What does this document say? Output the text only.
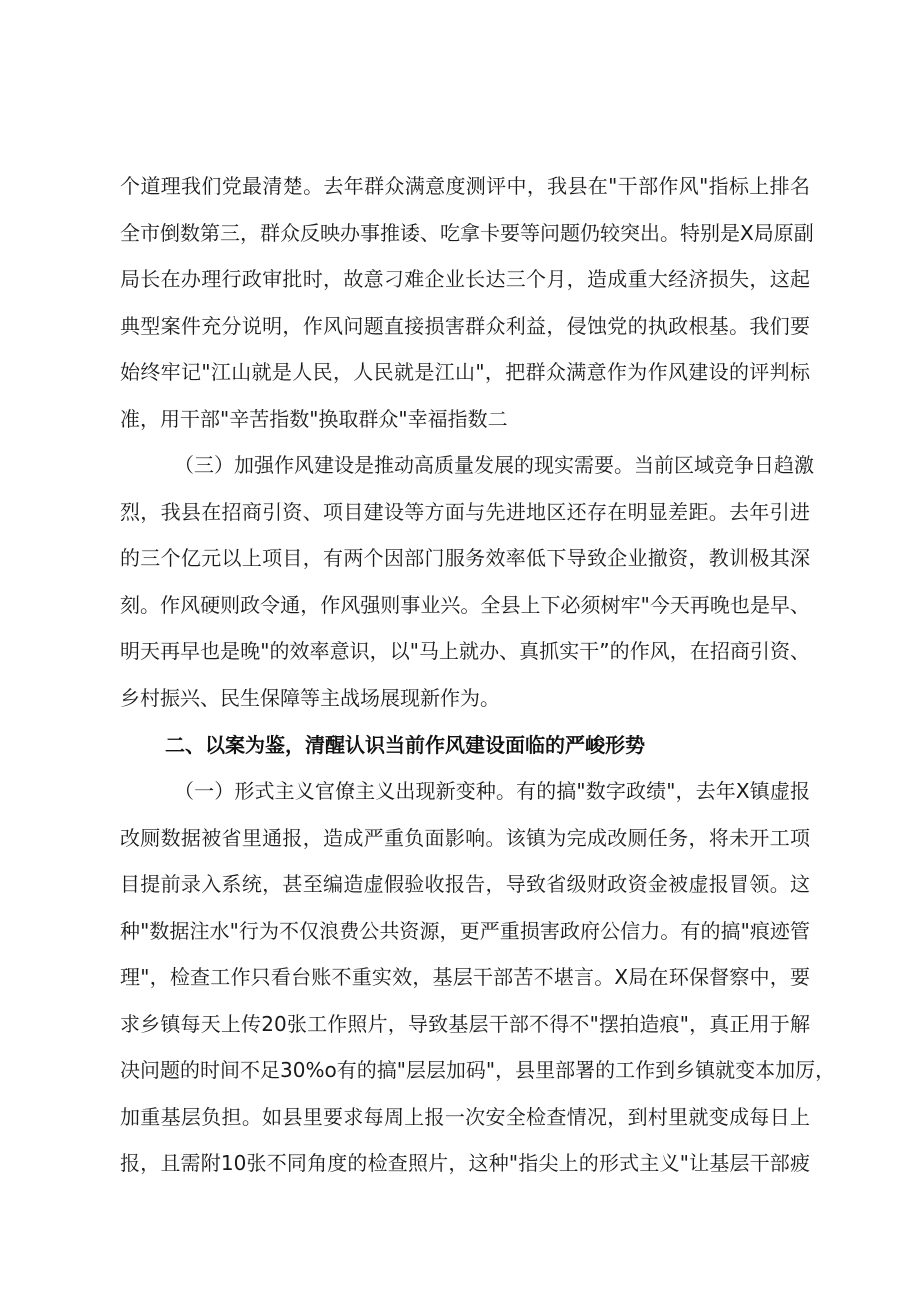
个道理我们党最清楚。去年群众满意度测评中，我县在"干部作风"指标上排名
全市倒数第三，群众反映办事推诿、吃拿卡要等问题仍较突出。特别是X局原副
局长在办理行政审批时，故意刁难企业长达三个月，造成重大经济损失，这起
典型案件充分说明，作风问题直接损害群众利益，侵蚀党的执政根基。我们要
始终牢记"江山就是人民，人民就是江山"，把群众满意作为作风建设的评判标
准，用干部"辛苦指数"换取群众"幸福指数二
（三）加强作风建设是推动高质量发展的现实需要。当前区域竞争日趋激
烈，我县在招商引资、项目建设等方面与先进地区还存在明显差距。去年引进
的三个亿元以上项目，有两个因部门服务效率低下导致企业撤资，教训极其深
刻。作风硬则政令通，作风强则事业兴。全县上下必须树牢"今天再晚也是早、
明天再早也是晚"的效率意识，以"马上就办、真抓实干”的作风，在招商引资、
乡村振兴、民生保障等主战场展现新作为。
二、以案为鉴，清醒认识当前作风建设面临的严峻形势
（一）形式主义官僚主义出现新变种。有的搞"数字政绩"，去年X镇虚报
改厕数据被省里通报，造成严重负面影响。该镇为完成改厕任务，将未开工项
目提前录入系统，甚至编造虚假验收报告，导致省级财政资金被虚报冒领。这
种"数据注水"行为不仅浪费公共资源，更严重损害政府公信力。有的搞"痕迹管
理"，检查工作只看台账不重实效，基层干部苦不堪言。X局在环保督察中，要
求乡镇每天上传20张工作照片，导致基层干部不得不"摆拍造痕"，真正用于解
决问题的时间不足30%o有的搞"层层加码"，县里部署的工作到乡镇就变本加厉，
加重基层负担。如县里要求每周上报一次安全检查情况，到村里就变成每日上
报，且需附10张不同角度的检查照片，这种"指尖上的形式主义"让基层干部疲
